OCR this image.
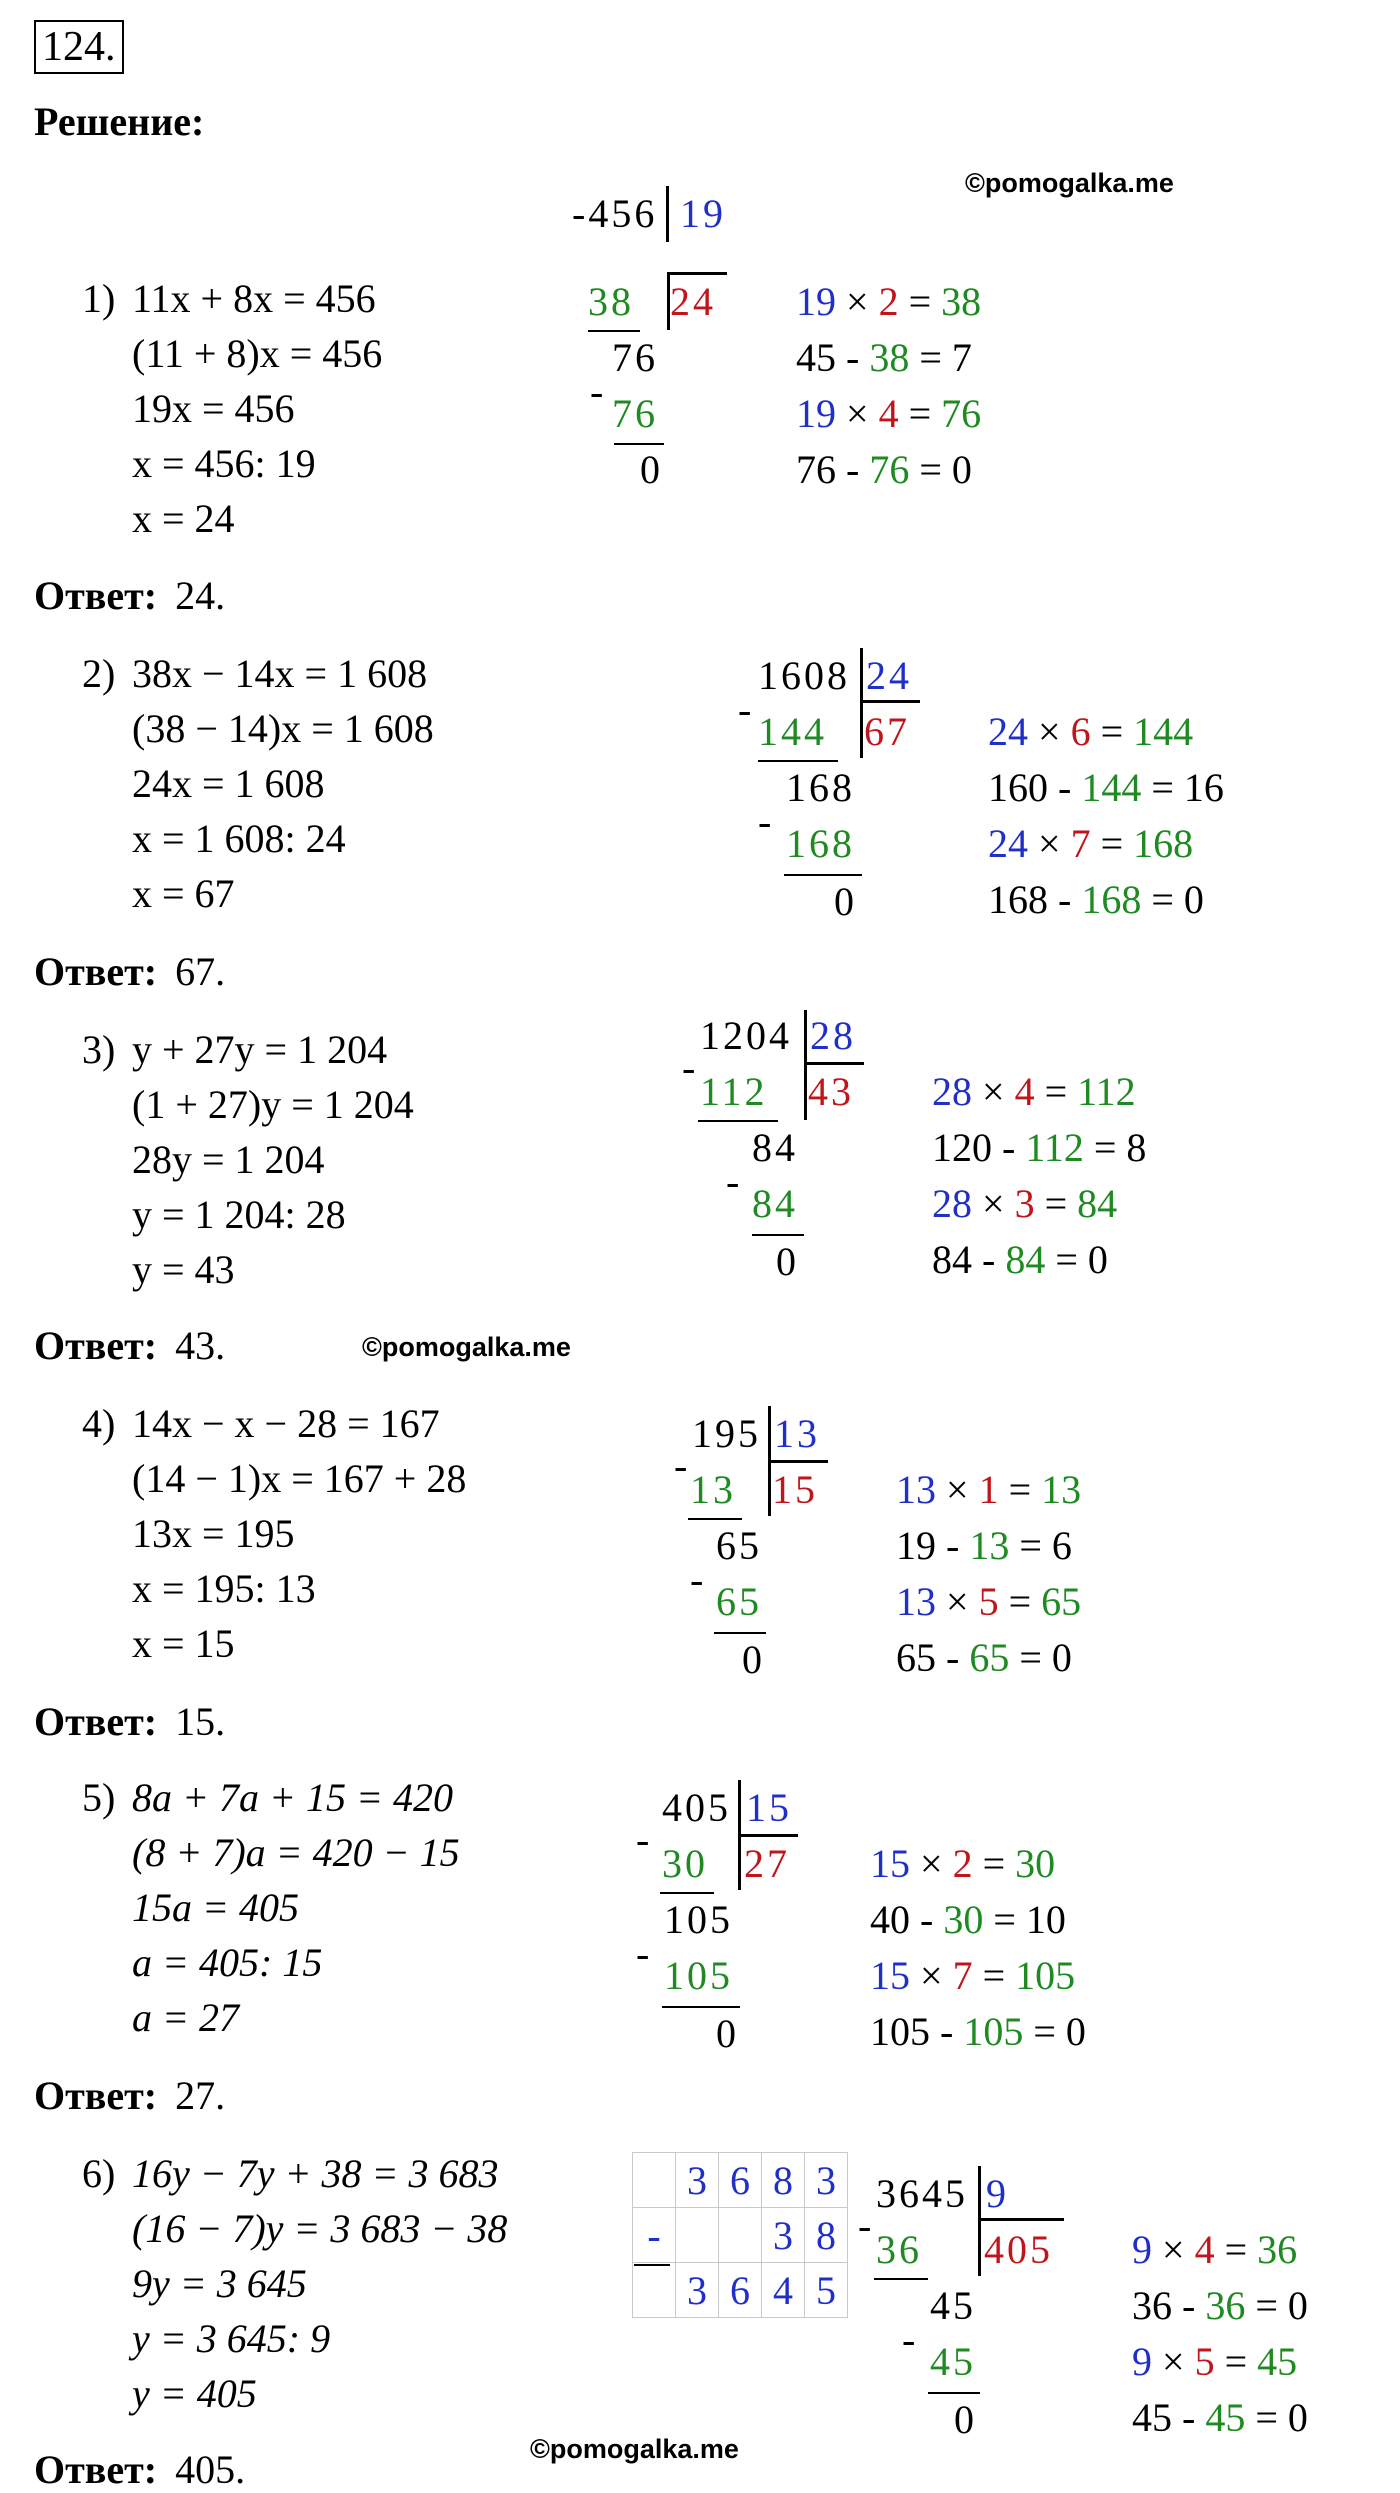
124.
Решение:
©pomogalka.me
©pomogalka.me
©pomogalka.me
1) 11x + 8x = 456
(11 + 8)x = 456
19x = 456
x = 456: 19
x = 24
Ответ: 24.
-456 19
24
38
76
- 76
0
19 × 2 = 38
45 - 38 = 7
19 × 4 = 76
76 - 76 = 0
2) 38x − 14x = 1 608
(38 − 14)x = 1 608
24x = 1 608
x = 1 608: 24
x = 67
Ответ: 67.
1608 24
67
- 144
168
- 168
0
24 × 6 = 144
160 - 144 = 16
24 × 7 = 168
168 - 168 = 0
3) y + 27y = 1 204
(1 + 27)y = 1 204
28y = 1 204
y = 1 204: 28
y = 43
Ответ: 43.
1204 28
43
-
112
84
- 84
0
28 × 4 = 112
120 - 112 = 8
28 × 3 = 84
84 - 84 = 0
4) 14x − x − 28 = 167
(14 − 1)x = 167 + 28
13x = 195
x = 195: 13
x = 15
Ответ: 15.
195 13
15
-
13
65
- 65
0
13 × 1 = 13
19 - 13 = 6
13 × 5 = 65
65 - 65 = 0
5) 8a + 7a + 15 = 420
(8 + 7)a = 420 − 15
15a = 405
a = 405: 15
a = 27
Ответ: 27.
405 15
27
-
30
105
- 105
0
15 × 2 = 30
40 - 30 = 10
15 × 7 = 105
105 - 105 = 0
6) 16y − 7y + 38 = 3 683
(16 − 7)y = 3 683 − 38
9y = 3 645
y = 3 645: 9
y = 405
Ответ: 405.
	3	6	8	3
-			3	8
	3	6	4	5
3645 9
405
-
36
45
- 45
0
9 × 4 = 36
36 - 36 = 0
9 × 5 = 45
45 - 45 = 0
